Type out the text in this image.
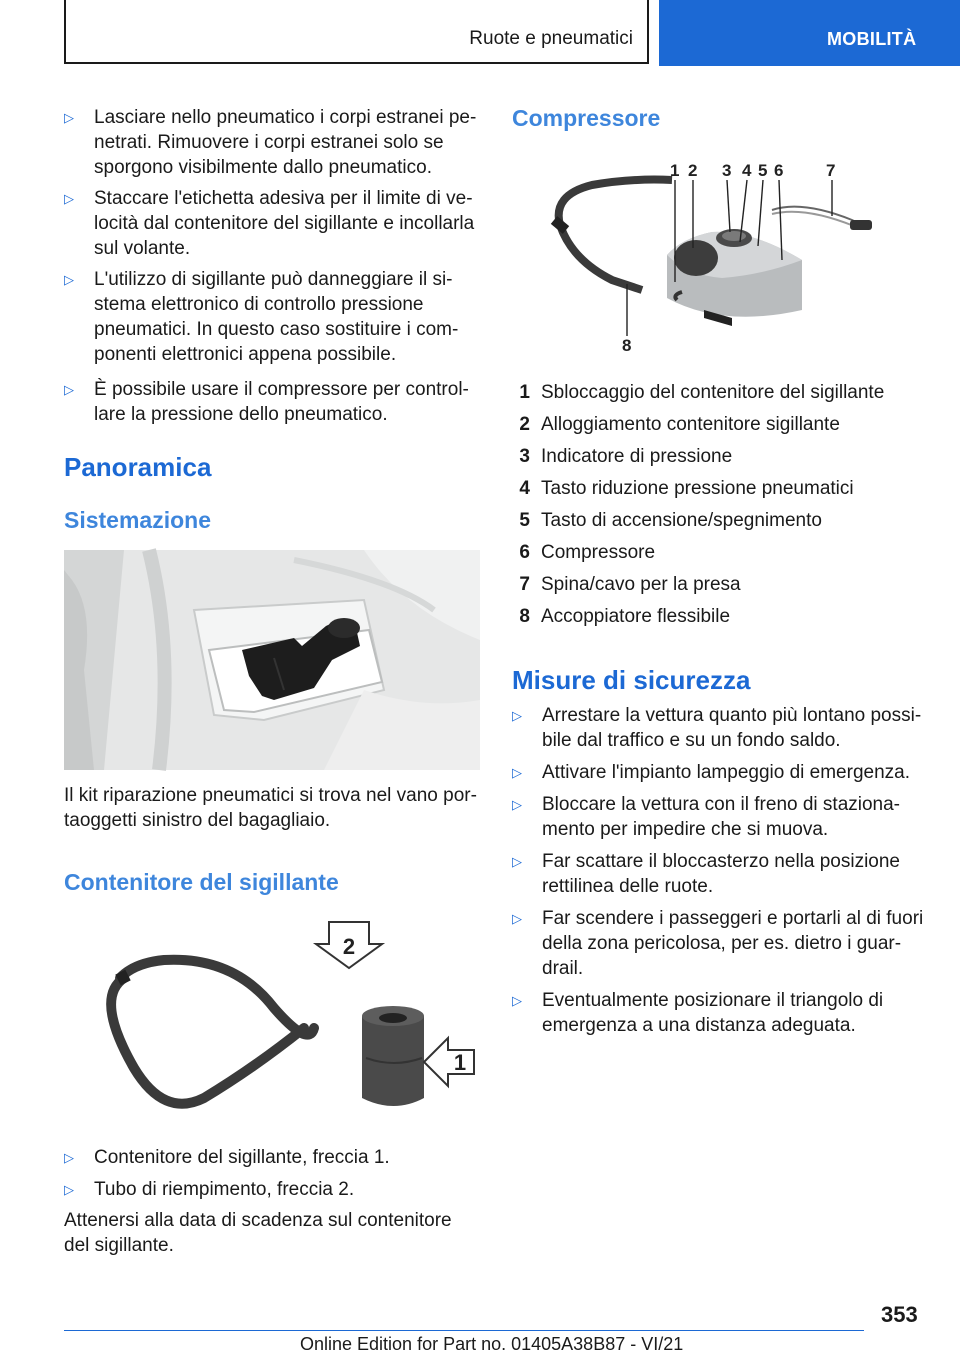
Ruote e pneumatici	MOBILITÀ
▷ Lasciare nello pneumatico i corpi estranei pe-
netrati. Rimuovere i corpi estranei solo se
sporgono visibilmente dallo pneumatico.
▷ Staccare l'etichetta adesiva per il limite di ve-
locità dal contenitore del sigillante e incollarla
sul volante.
▷ L'utilizzo di sigillante può danneggiare il si-
stema elettronico di controllo pressione
pneumatici. In questo caso sostituire i com-
ponenti elettronici appena possibile.
▷ È possibile usare il compressore per control-
lare la pressione dello pneumatico.
Panoramica
Sistemazione
Il kit riparazione pneumatici si trova nel vano por-
taoggetti sinistro del bagagliaio.
Contenitore del sigillante
2
1
▷ Contenitore del sigillante, freccia 1.
▷ Tubo di riempimento, freccia 2.
Attenersi alla data di scadenza sul contenitore
del sigillante.
Compressore
1 2 3 4 5 6	7
8
1 Sbloccaggio del contenitore del sigillante
2 Alloggiamento contenitore sigillante
3 Indicatore di pressione
4 Tasto riduzione pressione pneumatici
5 Tasto di accensione/spegnimento
6 Compressore
7 Spina/cavo per la presa
8 Accoppiatore flessibile
Misure di sicurezza
▷ Arrestare la vettura quanto più lontano possi-
bile dal traffico e su un fondo saldo.
▷ Attivare l'impianto lampeggio di emergenza.
▷ Bloccare la vettura con il freno di staziona-
mento per impedire che si muova.
▷ Far scattare il bloccasterzo nella posizione
rettilinea delle ruote.
▷ Far scendere i passeggeri e portarli al di fuori
della zona pericolosa, per es. dietro i guar-
drail.
▷ Eventualmente posizionare il triangolo di
emergenza a una distanza adeguata.
353
Online Edition for Part no. 01405A38B87 - VI/21
